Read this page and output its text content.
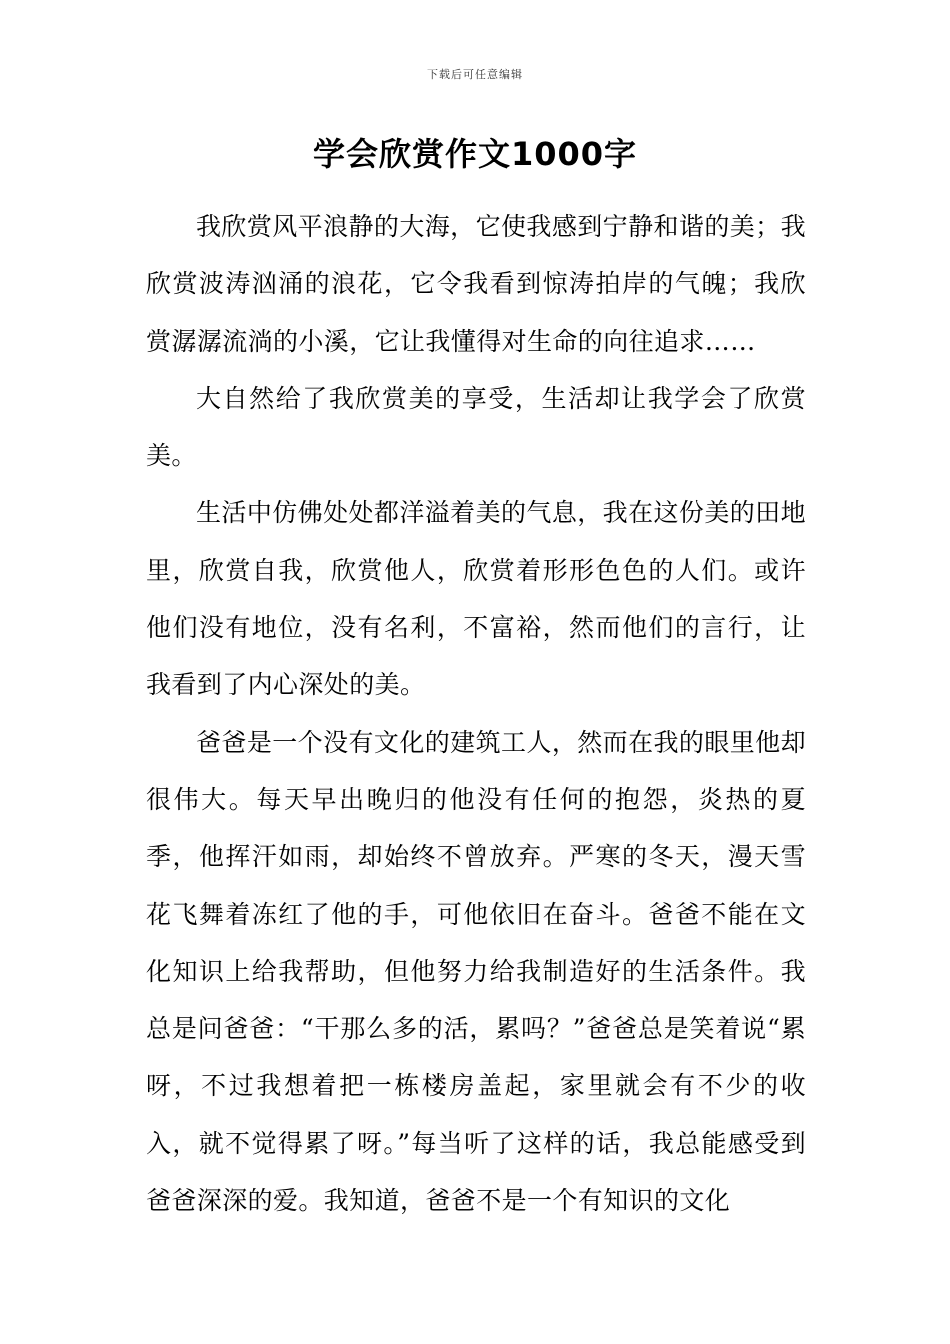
下载后可任意编辑
学会欣赏作文1000字

我欣赏风平浪静的大海，它使我感到宁静和谐的美；我欣赏波涛汹涌的浪花，它令我看到惊涛拍岸的气魄；我欣赏潺潺流淌的小溪，它让我懂得对生命的向往追求……

大自然给了我欣赏美的享受，生活却让我学会了欣赏美。

生活中仿佛处处都洋溢着美的气息，我在这份美的田地里，欣赏自我，欣赏他人，欣赏着形形色色的人们。或许他们没有地位，没有名利，不富裕，然而他们的言行，让我看到了内心深处的美。

爸爸是一个没有文化的建筑工人，然而在我的眼里他却很伟大。每天早出晚归的他没有任何的抱怨，炎热的夏季，他挥汗如雨，却始终不曾放弃。严寒的冬天，漫天雪花飞舞着冻红了他的手，可他依旧在奋斗。爸爸不能在文化知识上给我帮助，但他努力给我制造好的生活条件。我总是问爸爸：“干那么多的活，累吗？”爸爸总是笑着说“累呀，不过我想着把一栋楼房盖起，家里就会有不少的收入，就不觉得累了呀。”每当听了这样的话，我总能感受到爸爸深深的爱。我知道，爸爸不是一个有知识的文化
